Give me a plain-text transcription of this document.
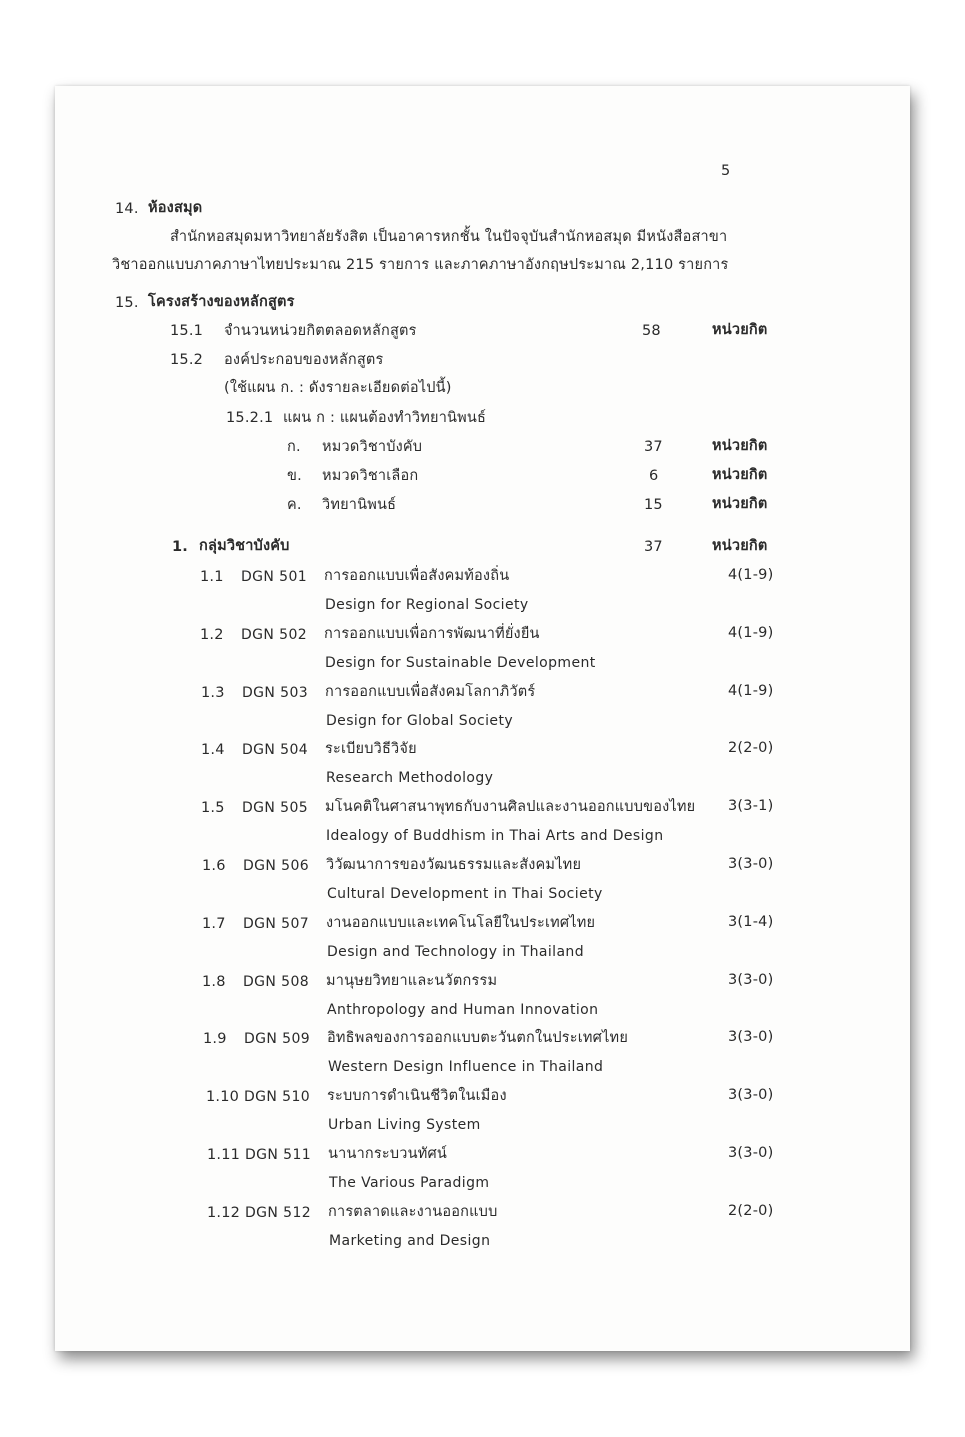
5
14. ห้องสมุด
สำนักหอสมุดมหาวิทยาลัยรังสิต เป็นอาคารหกชั้น ในปัจจุบันสำนักหอสมุด มีหนังสือสาขา
วิชาออกแบบภาคภาษาไทยประมาณ 215 รายการ และภาคภาษาอังกฤษประมาณ 2,110 รายการ
15. โครงสร้างของหลักสูตร
15.1 จำนวนหน่วยกิตตลอดหลักสูตร	58	หน่วยกิต
15.2 องค์ประกอบของหลักสูตร
(ใช้แผน ก. : ดังรายละเอียดต่อไปนี้)
15.2.1 แผน ก : แผนต้องทำวิทยานิพนธ์
ก. หมวดวิชาบังคับ	37	หน่วยกิต
ข. หมวดวิชาเลือก	6	หน่วยกิต
ค. วิทยานิพนธ์	15	หน่วยกิต
1. กลุ่มวิชาบังคับ	37	หน่วยกิต
1.1 DGN 501 การออกแบบเพื่อสังคมท้องถิ่น
Design for Regional Society
4(1-9)
1.2 DGN 502 การออกแบบเพื่อการพัฒนาที่ยั่งยืน
Design for Sustainable Development
4(1-9)
1.3 DGN 503 การออกแบบเพื่อสังคมโลกาภิวัตร์
Design for Global Society
4(1-9)
1.4 DGN 504 ระเบียบวิธีวิจัย
Research Methodology
2(2-0)
1.5 DGN 505 มโนคติในศาสนาพุทธกับงานศิลปและงานออกแบบของไทย
Idealogy of Buddhism in Thai Arts and Design
3(3-1)
1.6 DGN 506 วิวัฒนาการของวัฒนธรรมและสังคมไทย
Cultural Development in Thai Society
3(3-0)
1.7 DGN 507 งานออกแบบและเทคโนโลยีในประเทศไทย
Design and Technology in Thailand
3(1-4)
1.8 DGN 508 มานุษยวิทยาและนวัตกรรม
Anthropology and Human Innovation
3(3-0)
1.9 DGN 509 อิทธิพลของการออกแบบตะวันตกในประเทศไทย
Western Design Influence in Thailand
3(3-0)
1.10 DGN 510 ระบบการดำเนินชีวิตในเมือง
Urban Living System
3(3-0)
1.11 DGN 511 นานากระบวนทัศน์
The Various Paradigm
3(3-0)
1.12 DGN 512 การตลาดและงานออกแบบ
Marketing and Design
2(2-0)
